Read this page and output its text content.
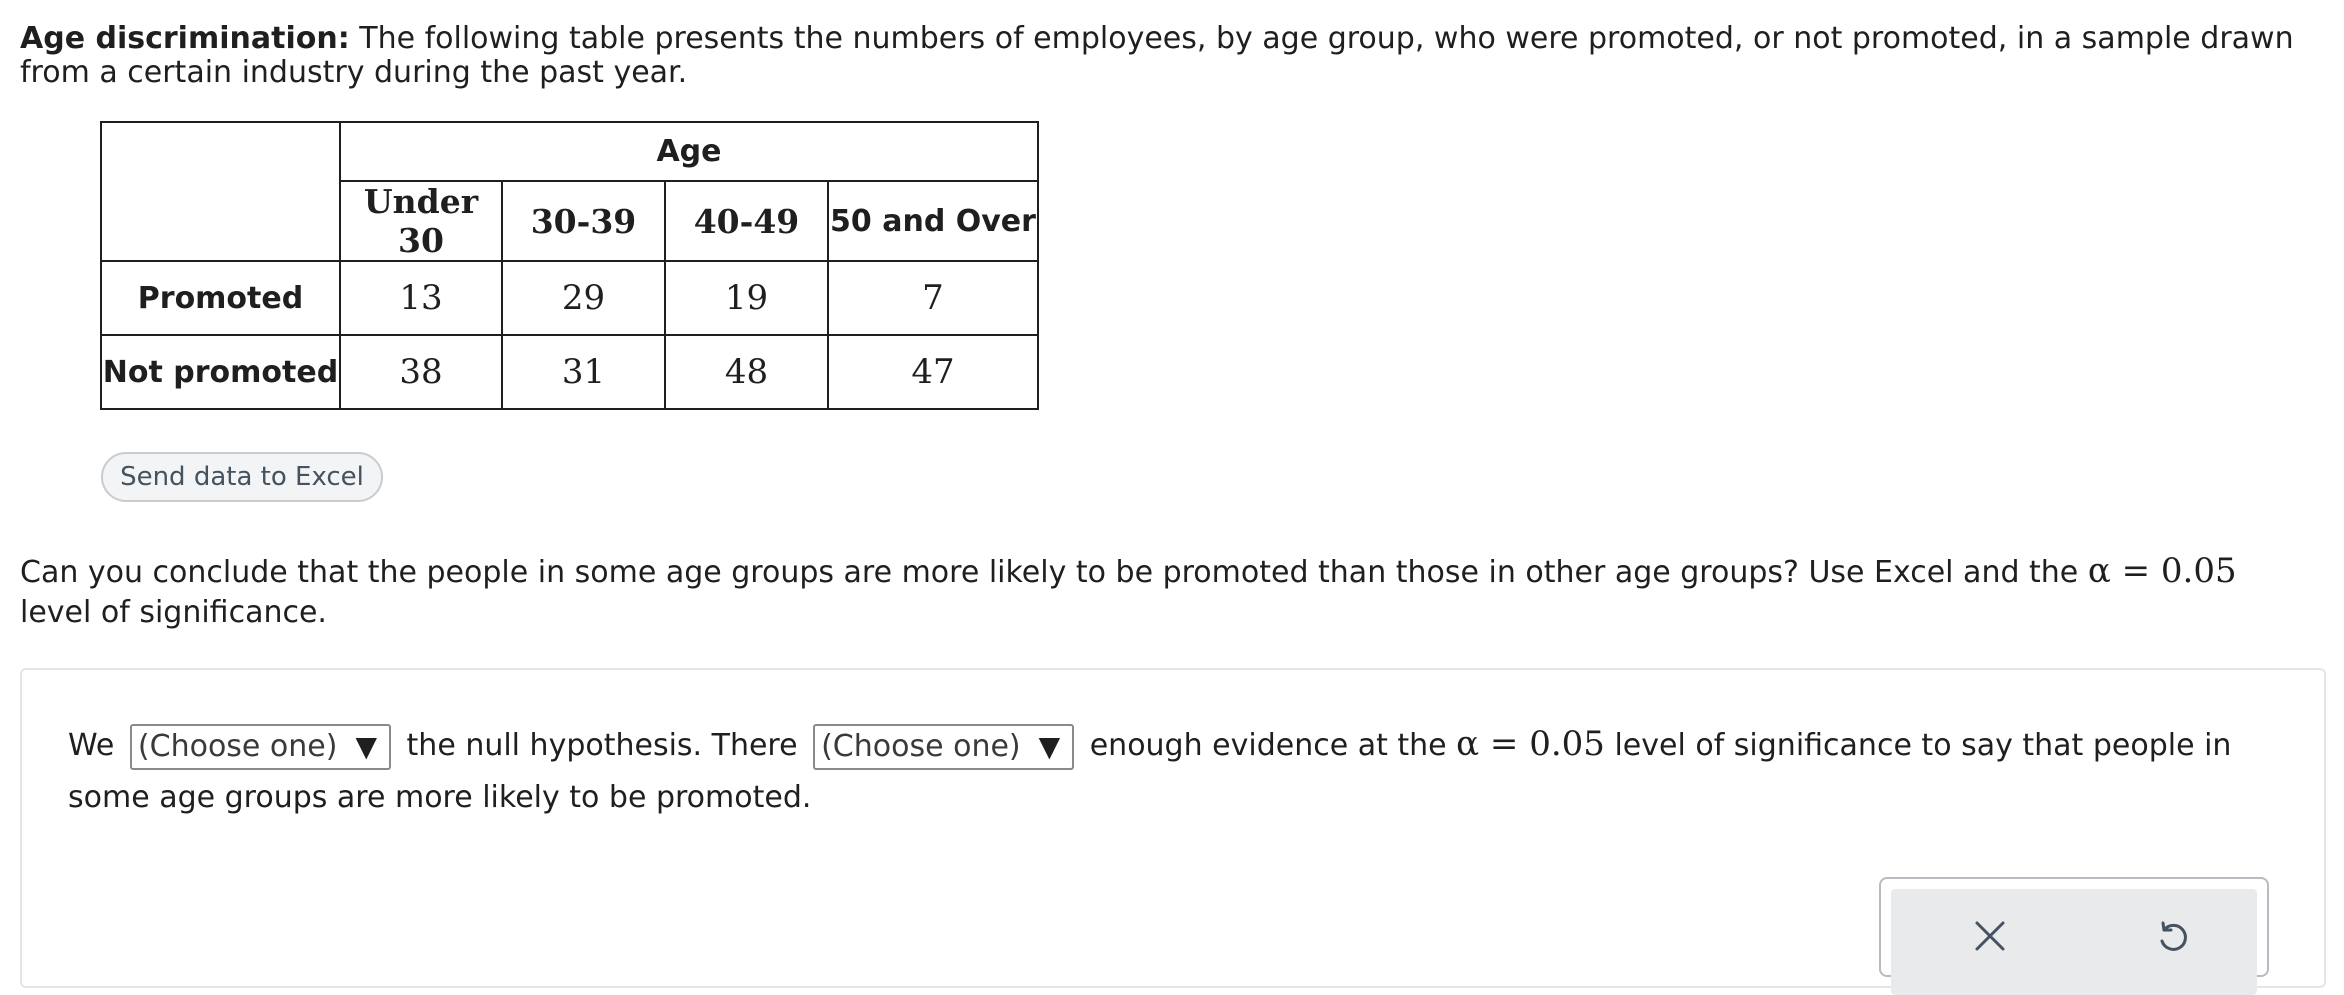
Age discrimination: The following table presents the numbers of employees, by age group, who were promoted, or not promoted, in a sample drawn from a certain industry during the past year.
	Age			
	Under 30	30-39	40-49	50 and Over
Promoted	13	29	19	7
Not promoted	38	31	48	47
Send data to Excel
Can you conclude that the people in some age groups are more likely to be promoted than those in other age groups? Use Excel and the α = 0.05 level of significance.
We (Choose one) ▼ the null hypothesis. There (Choose one) ▼ enough evidence at the α = 0.05 level of significance to say that people in some age groups are more likely to be promoted.
